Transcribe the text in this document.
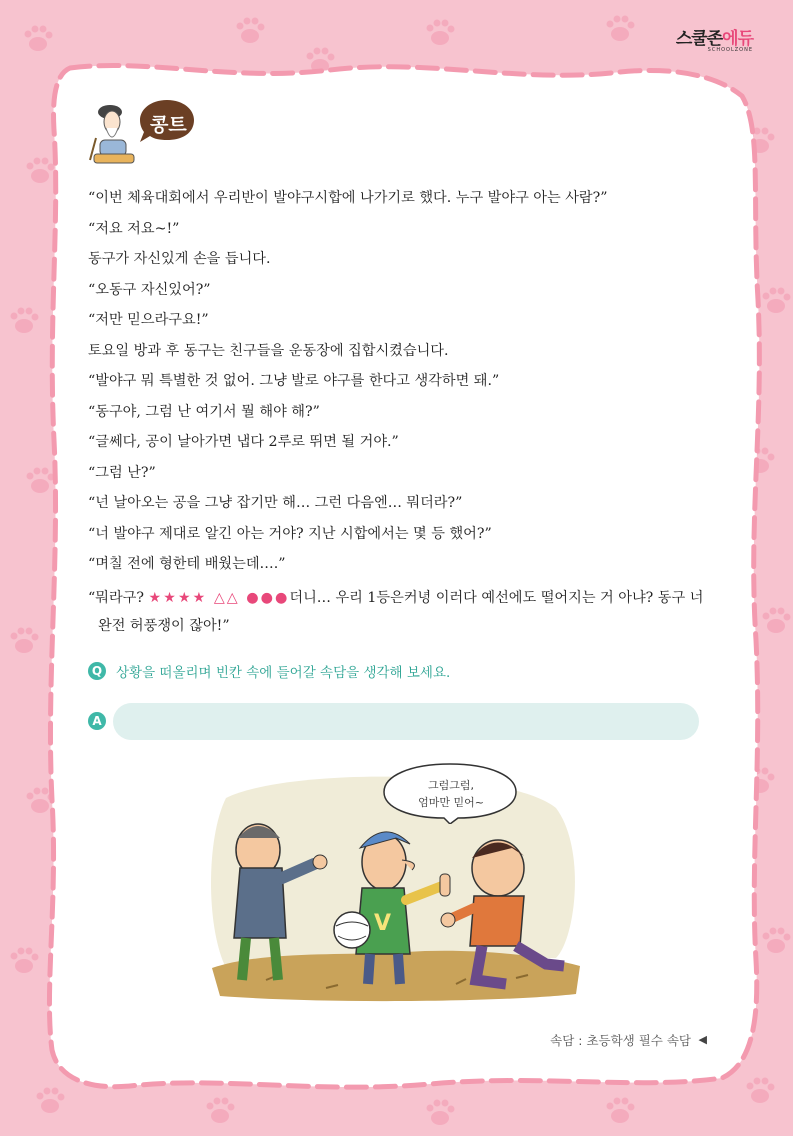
스쿨존에듀
SCHOOLZONE
콩트

“이번 체육대회에서 우리반이 발야구시합에 나가기로 했다. 누구 발야구 아는 사람?”

“저요 저요~!”

동구가 자신있게 손을 듭니다.

“오동구 자신있어?”

“저만 믿으라구요!”

토요일 방과 후 동구는 친구들을 운동장에 집합시켰습니다.

“발야구 뭐 특별한 것 없어. 그냥 발로 야구를 한다고 생각하면 돼.”

“동구야, 그럼 난 여기서 뭘 해야 해?”

“글쎄다, 공이 날아가면 냅다 2루로 뛰면 될 거야.”

“그럼 난?”

“넌 날아오는 공을 그냥 잡기만 해… 그런 다음엔… 뭐더라?”

“너 발야구 제대로 알긴 아는 거야? 지난 시합에서는 몇 등 했어?”

“며칠 전에 형한테 배웠는데….”

“뭐라구? ★★★★ △△ ●●●더니… 우리 1등은커녕 이러다 예선에도 떨어지는 거 아냐? 동구 너 완전 허풍쟁이 잖아!”

Q 상황을 떠올리며 빈칸 속에 들어갈 속담을 생각해 보세요.
A
V
그럼그럼,
엄마만 믿어~
속담 : 초등학생 필수 속담 ◀
